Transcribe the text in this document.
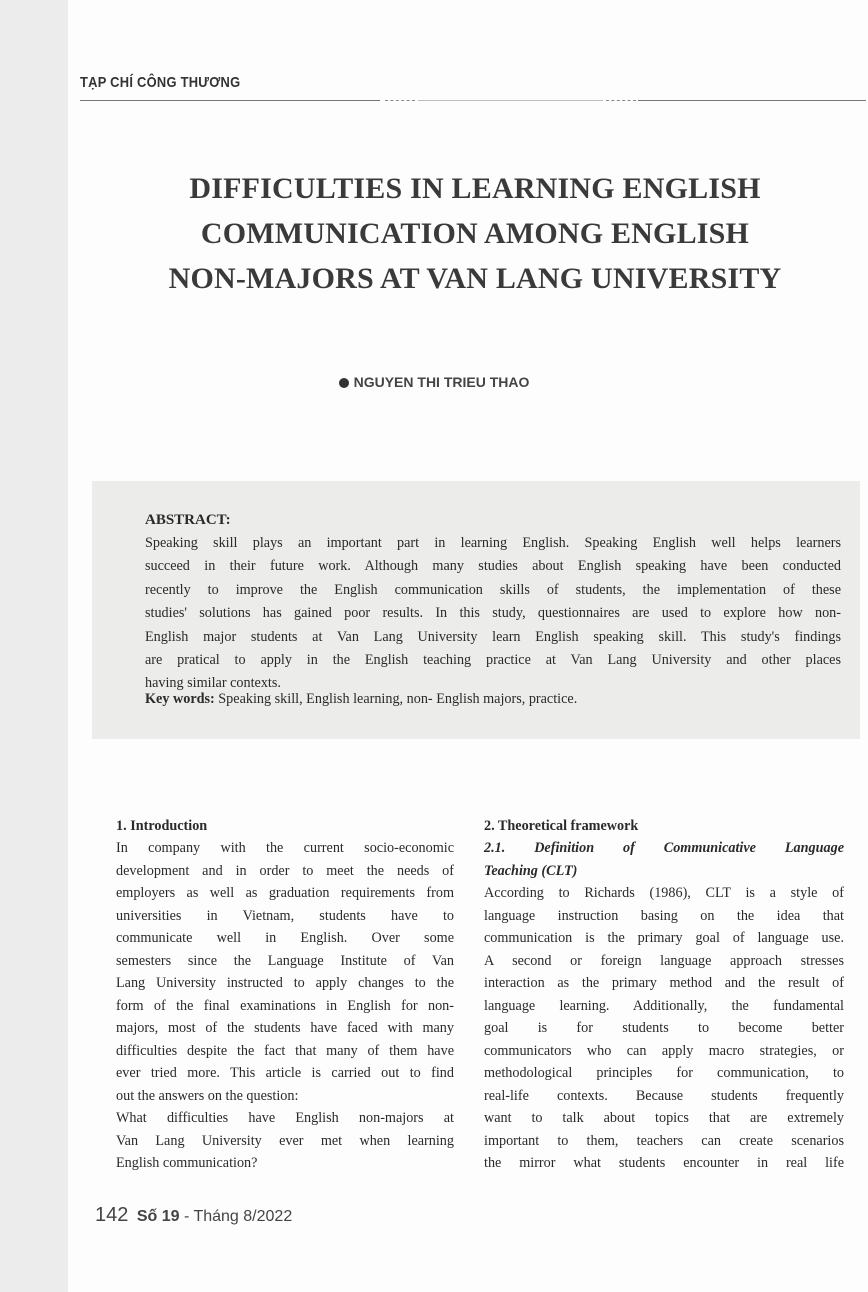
TẠP CHÍ CÔNG THƯƠNG
DIFFICULTIES IN LEARNING ENGLISH
COMMUNICATION AMONG ENGLISH
NON-MAJORS AT VAN LANG UNIVERSITY
NGUYEN THI TRIEU THAO
ABSTRACT:
Speaking skill plays an important part in learning English. Speaking English well helps learners
succeed in their future work. Although many studies about English speaking have been conducted
recently to improve the English communication skills of students, the implementation of these
studies' solutions has gained poor results. In this study, questionnaires are used to explore how non-
English major students at Van Lang University learn English speaking skill. This study's findings
are pratical to apply in the English teaching practice at Van Lang University and other places
having similar contexts.
Key words: Speaking skill, English learning, non- English majors, practice.
1. Introduction
In company with the current socio-economic
development and in order to meet the needs of
employers as well as graduation requirements from
universities in Vietnam, students have to
communicate well in English. Over some
semesters since the Language Institute of Van
Lang University instructed to apply changes to the
form of the final examinations in English for non-
majors, most of the students have faced with many
difficulties despite the fact that many of them have
ever tried more. This article is carried out to find
out the answers on the question:
What difficulties have English non-majors at
Van Lang University ever met when learning
English communication?
2. Theoretical framework
2.1. Definition of Communicative Language
Teaching (CLT)
According to Richards (1986), CLT is a style of
language instruction basing on the idea that
communication is the primary goal of language use.
A second or foreign language approach stresses
interaction as the primary method and the result of
language learning. Additionally, the fundamental
goal is for students to become better
communicators who can apply macro strategies, or
methodological principles for communication, to
real-life contexts. Because students frequently
want to talk about topics that are extremely
important to them, teachers can create scenarios
the mirror what students encounter in real life
142 Số 19 - Tháng 8/2022
